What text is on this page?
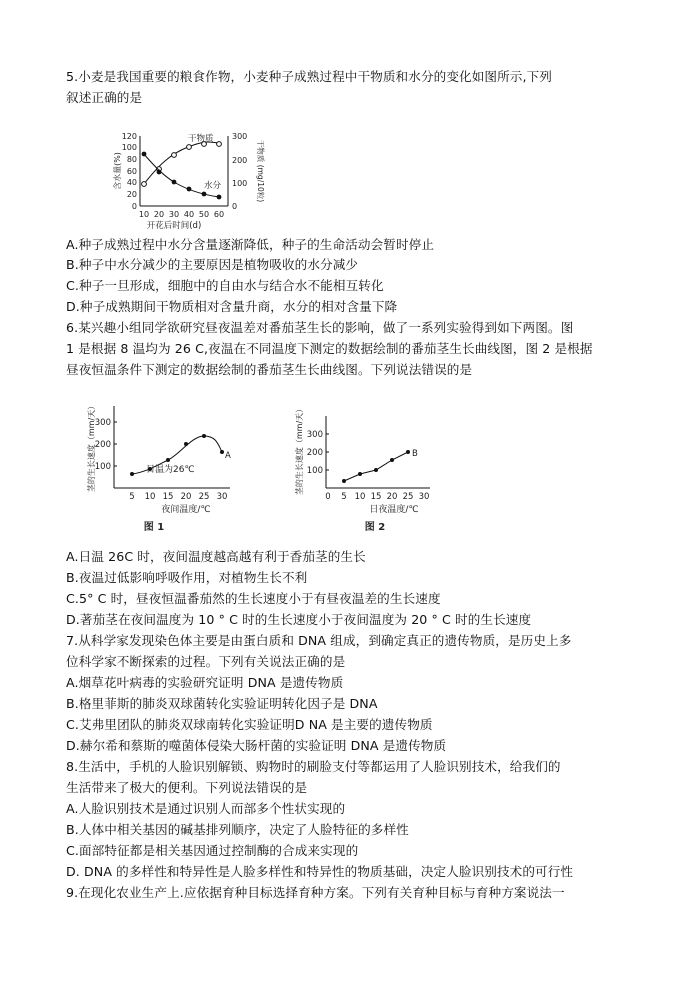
5.小麦是我国重要的粮食作物，小麦种子成熟过程中干物质和水分的变化如图所示,下列
叙述正确的是
0
20
40
60
80
100
120
0
100
200
300
10 20 30 40 50 60
开花后时间(d)
含水量(%)	干物质 (mg/10粒)
干物质
水分
A.种子成熟过程中水分含量逐渐降低，种子的生命活动会暂时停止
B.种子中水分减少的主要原因是植物吸收的水分减少
C.种子一旦形成，细胞中的自由水与结合水不能相互转化
D.种子成熟期间干物质相对含量升商，水分的相对含量下降
6.某兴趣小组同学欲研究昼夜温差对番茄茎生长的影响，做了一系列实验得到如下两图。图
1 是根据 8 温均为 26 C,夜温在不同温度下测定的数据绘制的番茄茎生长曲线图，图 2 是根据
昼夜恒温条件下测定的数据绘制的番茄茎生长曲线图。下列说法错误的是
100
200
300
5 10 15 20 25 30
夜间温度/℃
茎的生长速度（mm/天）	A
日温为26℃
图 1
100
200
300
0 5 10 15 20 25 30
日夜温度/℃
茎的生长速度（mm/天）	B
图 2
A.日温 26C 时，夜间温度越高越有利于香茄茎的生长
B.夜温过低影响呼吸作用，对植物生长不利
C.5° C 时，昼夜恒温番茄然的生长速度小于有昼夜温差的生长速度
D.著茄茎在夜间温度为 10 ° C 时的生长速度小于夜间温度为 20 ° C 时的生长速度
7.从科学家发现染色体主要是由蛋白质和 DNA 组成，到确定真正的遗传物质，是历史上多
位科学家不断探索的过程。下列有关说法正确的是
A.烟草花叶病毒的实验研究证明 DNA 是遗传物质
B.格里菲斯的肺炎双球菌转化实验证明转化因子是 DNA
C.艾弗里团队的肺炎双球南转化实验证明D NA 是主要的遗传物质
D.赫尔希和蔡斯的噬菌体侵染大肠杆菌的实验证明 DNA 是遗传物质
8.生活中，手机的人脸识别解锁、购物时的刷脸支付等都运用了人脸识别技术，给我们的
生活带来了极大的便利。下列说法错误的是
A.人脸识别技术是通过识别人而部多个性状实现的
B.人体中相关基因的碱基排列顺序，决定了人脸特征的多样性
C.面部特征都是相关基因通过控制酶的合成来实现的
D. DNA 的多样性和特异性是人脸多样性和特异性的物质基础，决定人脸识别技术的可行性
9.在现化农业生产上.应依据育种目标选择育种方案。下列有关育种目标与育种方案说法一
